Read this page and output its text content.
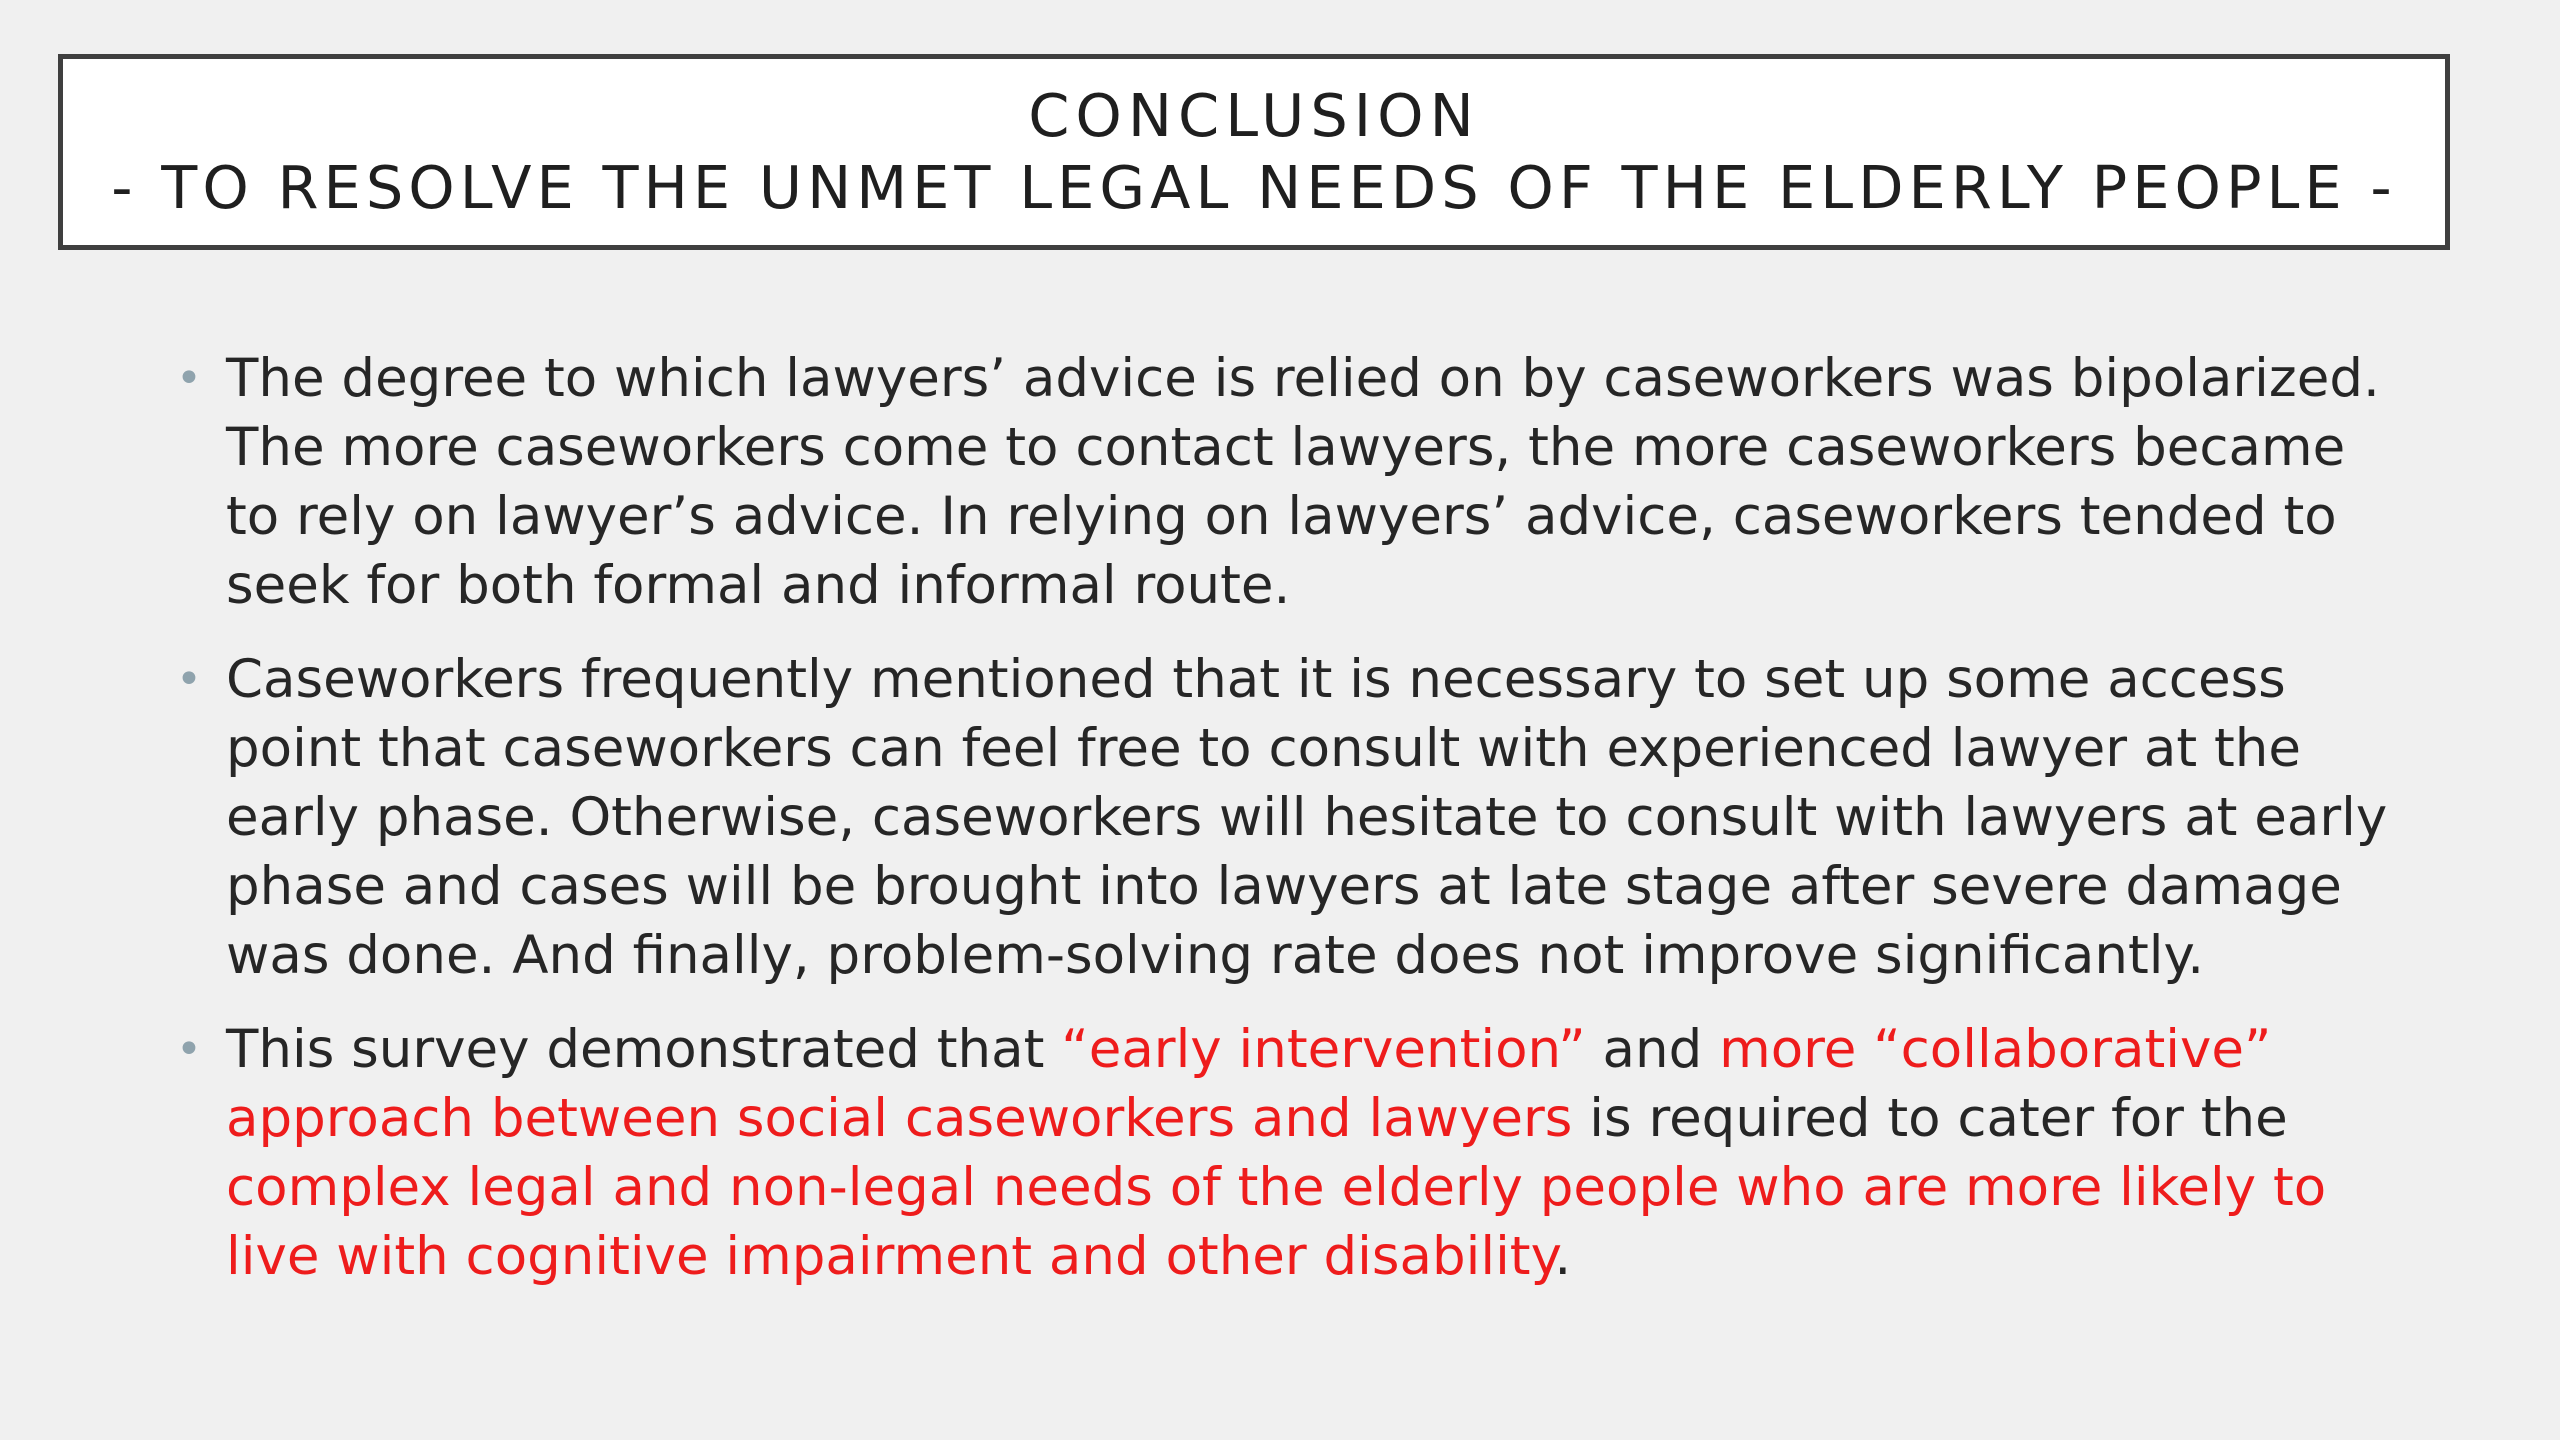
CONCLUSION
- TO RESOLVE THE UNMET LEGAL NEEDS OF THE ELDERLY PEOPLE -
• The degree to which lawyers’ advice is relied on by caseworkers was bipolarized. The more caseworkers come to contact lawyers, the more caseworkers became to rely on lawyer’s advice. In relying on lawyers’ advice, caseworkers tended to seek for both formal and informal route.
• Caseworkers frequently mentioned that it is necessary to set up some access point that caseworkers can feel free to consult with experienced lawyer at the early phase. Otherwise, caseworkers will hesitate to consult with lawyers at early phase and cases will be brought into lawyers at late stage after severe damage was done. And finally, problem-solving rate does not improve significantly.
• This survey demonstrated that “early intervention” and more “collaborative” approach between social caseworkers and lawyers is required to cater for the complex legal and non-legal needs of the elderly people who are more likely to live with cognitive impairment and other disability.
